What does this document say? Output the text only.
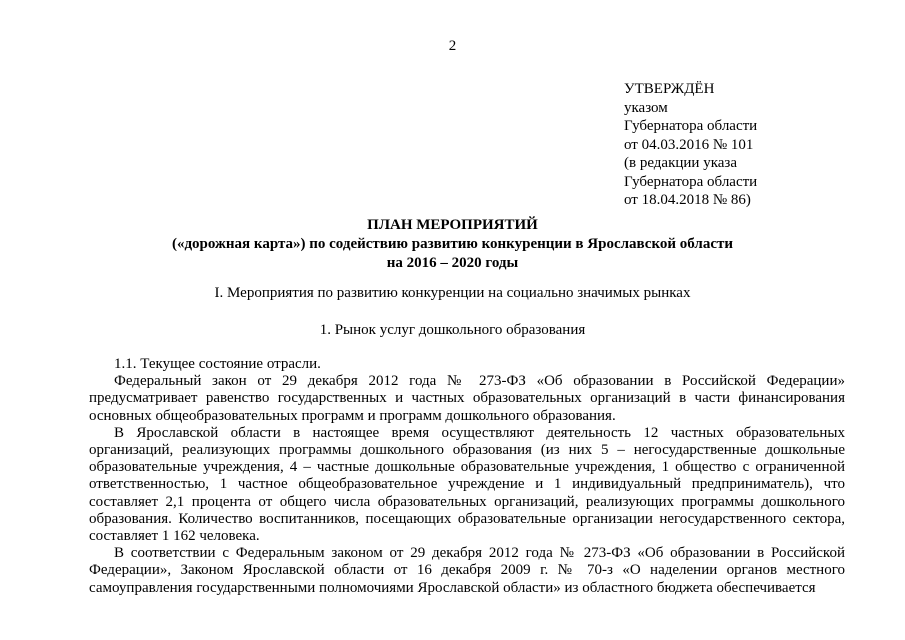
2
УТВЕРЖДЁН
указом
Губернатора области
от 04.03.2016 № 101
(в редакции указа
Губернатора области
от 18.04.2018 № 86)
ПЛАН МЕРОПРИЯТИЙ
(«дорожная карта») по содействию развитию конкуренции в Ярославской области
на 2016 – 2020 годы
I. Мероприятия по развитию конкуренции на социально значимых рынках
1. Рынок услуг дошкольного образования

1.1. Текущее состояние отрасли.

Федеральный закон от 29 декабря 2012 года № 273-ФЗ «Об образовании в Российской Федерации» предусматривает равенство государственных и частных образовательных организаций в части финансирования основных общеобразовательных программ и программ дошкольного образования.

В Ярославской области в настоящее время осуществляют деятельность 12 частных образовательных организаций, реализующих программы дошкольного образования (из них 5 – негосударственные дошкольные образовательные учреждения, 4 – частные дошкольные образовательные учреждения, 1 общество с ограниченной ответственностью, 1 частное общеобразовательное учреждение и 1 индивидуальный предприниматель), что составляет 2,1 процента от общего числа образовательных организаций, реализующих программы дошкольного образования. Количество воспитанников, посещающих образовательные организации негосударственного сектора, составляет 1 162 человека.

В соответствии с Федеральным законом от 29 декабря 2012 года № 273-ФЗ «Об образовании в Российской Федерации», Законом Ярославской области от 16 декабря 2009 г. № 70-з «О наделении органов местного самоуправления государственными полномочиями Ярославской области» из областного бюджета обеспечивается
